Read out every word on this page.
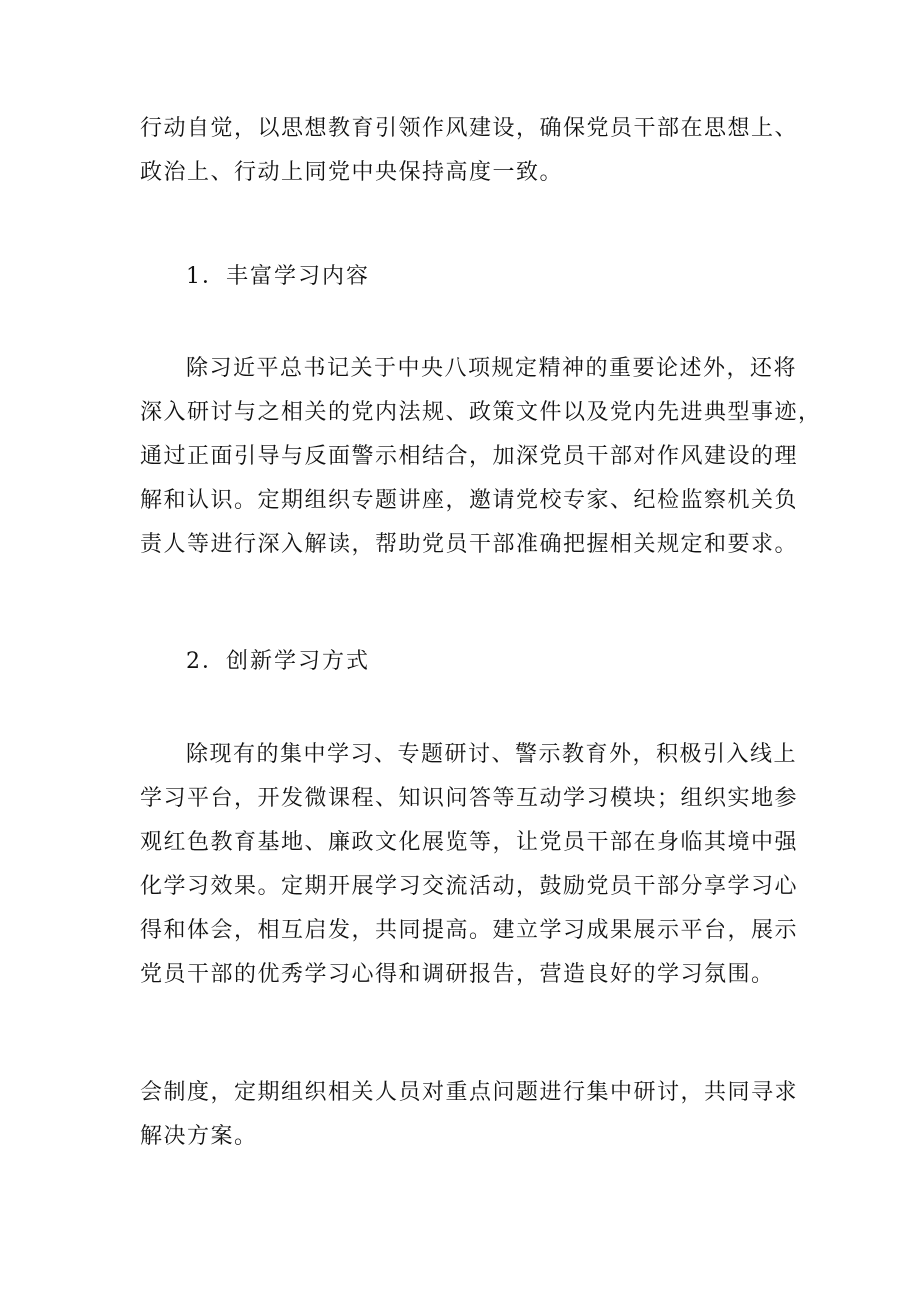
行动自觉，以思想教育引领作风建设，确保党员干部在思想上、
政治上、行动上同党中央保持高度一致。
1．丰富学习内容
除习近平总书记关于中央八项规定精神的重要论述外，还将
深入研讨与之相关的党内法规、政策文件以及党内先进典型事迹，
通过正面引导与反面警示相结合，加深党员干部对作风建设的理
解和认识。定期组织专题讲座，邀请党校专家、纪检监察机关负
责人等进行深入解读，帮助党员干部准确把握相关规定和要求。
2．创新学习方式
除现有的集中学习、专题研讨、警示教育外，积极引入线上
学习平台，开发微课程、知识问答等互动学习模块；组织实地参
观红色教育基地、廉政文化展览等，让党员干部在身临其境中强
化学习效果。定期开展学习交流活动，鼓励党员干部分享学习心
得和体会，相互启发，共同提高。建立学习成果展示平台，展示
党员干部的优秀学习心得和调研报告，营造良好的学习氛围。
会制度，定期组织相关人员对重点问题进行集中研讨，共同寻求
解决方案。
